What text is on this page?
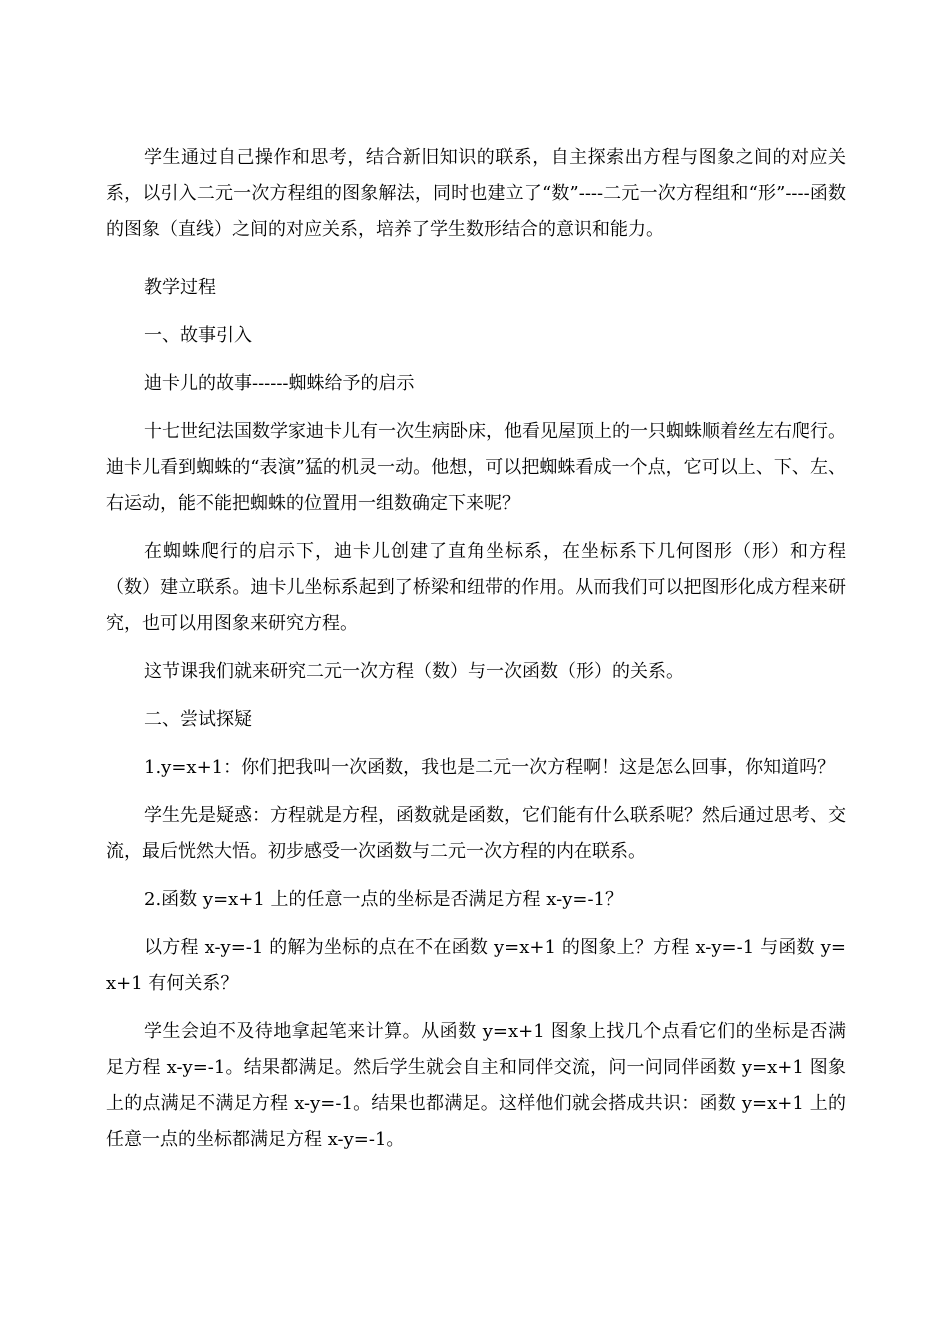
学生通过自己操作和思考，结合新旧知识的联系，自主探索出方程与图象之间的对应关系，以引入二元一次方程组的图象解法，同时也建立了“数”----二元一次方程组和“形”----函数的图象（直线）之间的对应关系，培养了学生数形结合的意识和能力。

教学过程

一、故事引入

迪卡儿的故事------蜘蛛给予的启示

十七世纪法国数学家迪卡儿有一次生病卧床，他看见屋顶上的一只蜘蛛顺着丝左右爬行。迪卡儿看到蜘蛛的“表演”猛的机灵一动。他想，可以把蜘蛛看成一个点，它可以上、下、左、右运动，能不能把蜘蛛的位置用一组数确定下来呢？

在蜘蛛爬行的启示下，迪卡儿创建了直角坐标系，在坐标系下几何图形（形）和方程（数）建立联系。迪卡儿坐标系起到了桥梁和纽带的作用。从而我们可以把图形化成方程来研究，也可以用图象来研究方程。

这节课我们就来研究二元一次方程（数）与一次函数（形）的关系。

二、尝试探疑

1.y=x+1：你们把我叫一次函数，我也是二元一次方程啊！这是怎么回事，你知道吗？

学生先是疑惑：方程就是方程，函数就是函数，它们能有什么联系呢？然后通过思考、交流，最后恍然大悟。初步感受一次函数与二元一次方程的内在联系。

2.函数 y=x+1 上的任意一点的坐标是否满足方程 x-y=-1？

以方程 x-y=-1 的解为坐标的点在不在函数 y=x+1 的图象上？方程 x-y=-1 与函数 y=x+1 有何关系？

学生会迫不及待地拿起笔来计算。从函数 y=x+1 图象上找几个点看它们的坐标是否满足方程 x-y=-1。结果都满足。然后学生就会自主和同伴交流，问一问同伴函数 y=x+1 图象上的点满足不满足方程 x-y=-1。结果也都满足。这样他们就会搭成共识：函数 y=x+1 上的任意一点的坐标都满足方程 x-y=-1。
